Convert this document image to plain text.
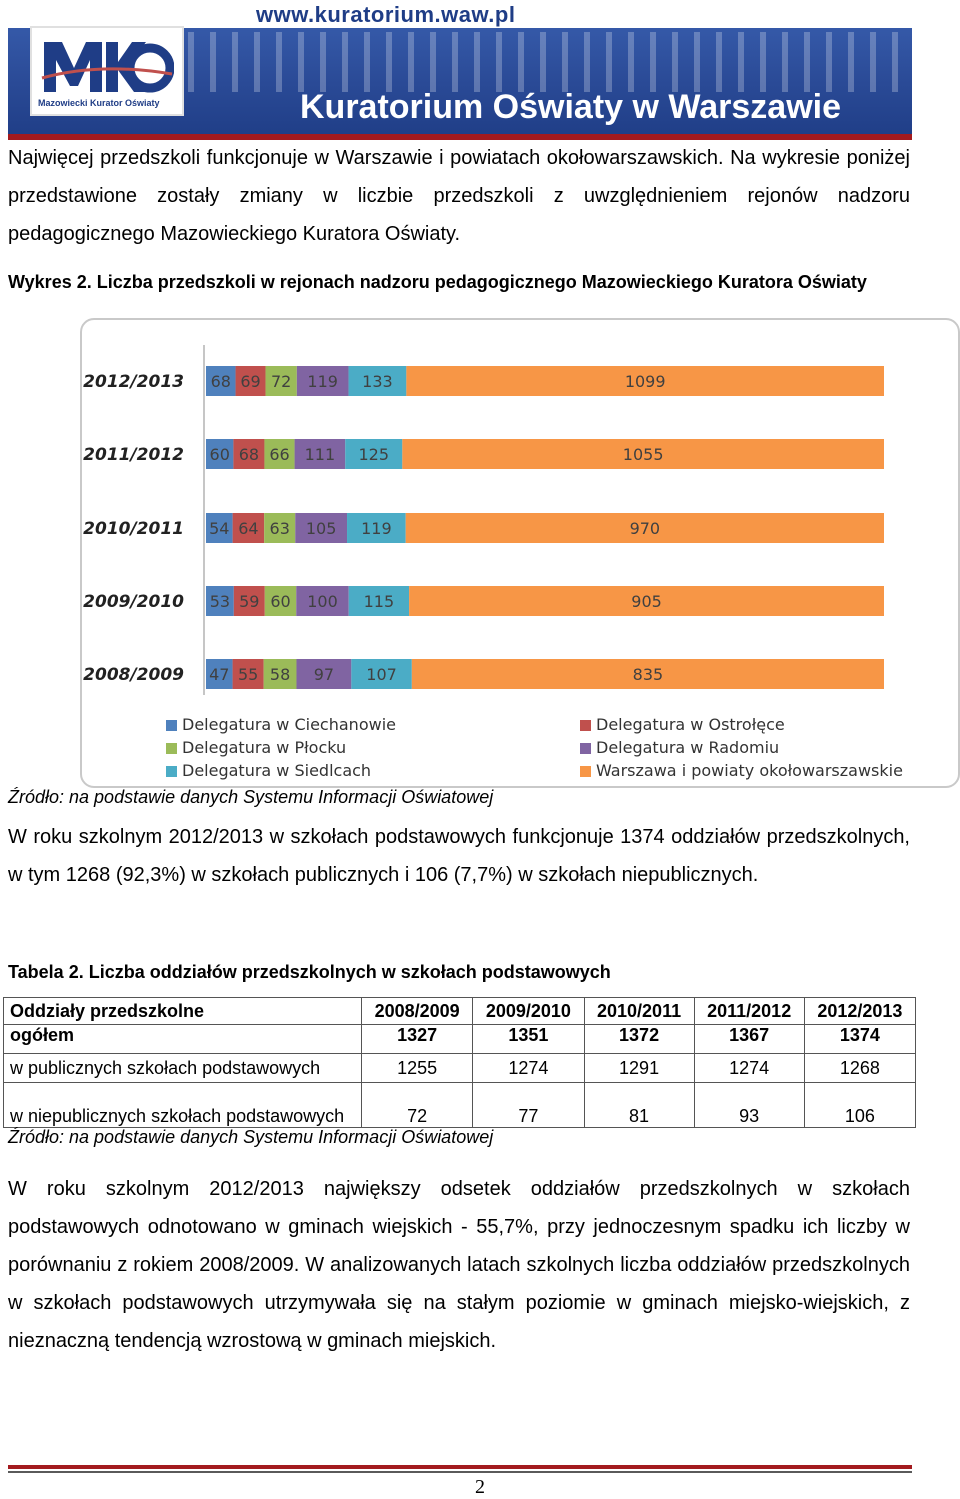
www.kuratorium.waw.pl
Mazowiecki Kurator Oświaty	Kuratorium Oświaty w Warszawie

Najwięcej przedszkoli funkcjonuje w Warszawie i powiatach okołowarszawskich. Na wykresie poniżej przedstawione zostały zmiany w liczbie przedszkoli z uwzględnieniem rejonów nadzoru pedagogicznego Mazowieckiego Kuratora Oświaty.

Wykres 2. Liczba przedszkoli w rejonach nadzoru pedagogicznego Mazowieckiego Kuratora Oświaty

2012/2013 68 69 72 119 133	1099
2011/2012 60 68 66 111 125	1055
2010/2011 54 64 63 105 119	970
2009/2010 53 59 60 100 115	905
2008/2009 47 55 58 97 107	835
Delegatura w Ciechanowie
Delegatura w Płocku
Delegatura w Siedlcach
Delegatura w Ostrołęce
Delegatura w Radomiu
Warszawa i powiaty okołowarszawskie

Źródło: na podstawie danych Systemu Informacji Oświatowej

W roku szkolnym 2012/2013 w szkołach podstawowych funkcjonuje 1374 oddziałów przedszkolnych, w tym 1268 (92,3%) w szkołach publicznych i 106 (7,7%) w szkołach niepublicznych.

Tabela 2. Liczba oddziałów przedszkolnych w szkołach podstawowych

Oddziały przedszkolne	2008/2009	2009/2010	2010/2011	2011/2012	2012/2013
ogółem	1327	1351	1372	1367	1374
w publicznych szkołach podstawowych	1255	1274	1291	1274	1268
w niepublicznych szkołach podstawowych	72	77	81	93	106

Źródło: na podstawie danych Systemu Informacji Oświatowej

W roku szkolnym 2012/2013 największy odsetek oddziałów przedszkolnych w szkołach podstawowych odnotowano w gminach wiejskich - 55,7%, przy jednoczesnym spadku ich liczby w porównaniu z rokiem 2008/2009. W analizowanych latach szkolnych liczba oddziałów przedszkolnych w szkołach podstawowych utrzymywała się na stałym poziomie w gminach miejsko-wiejskich, z nieznaczną tendencją wzrostową w gminach miejskich.

2
